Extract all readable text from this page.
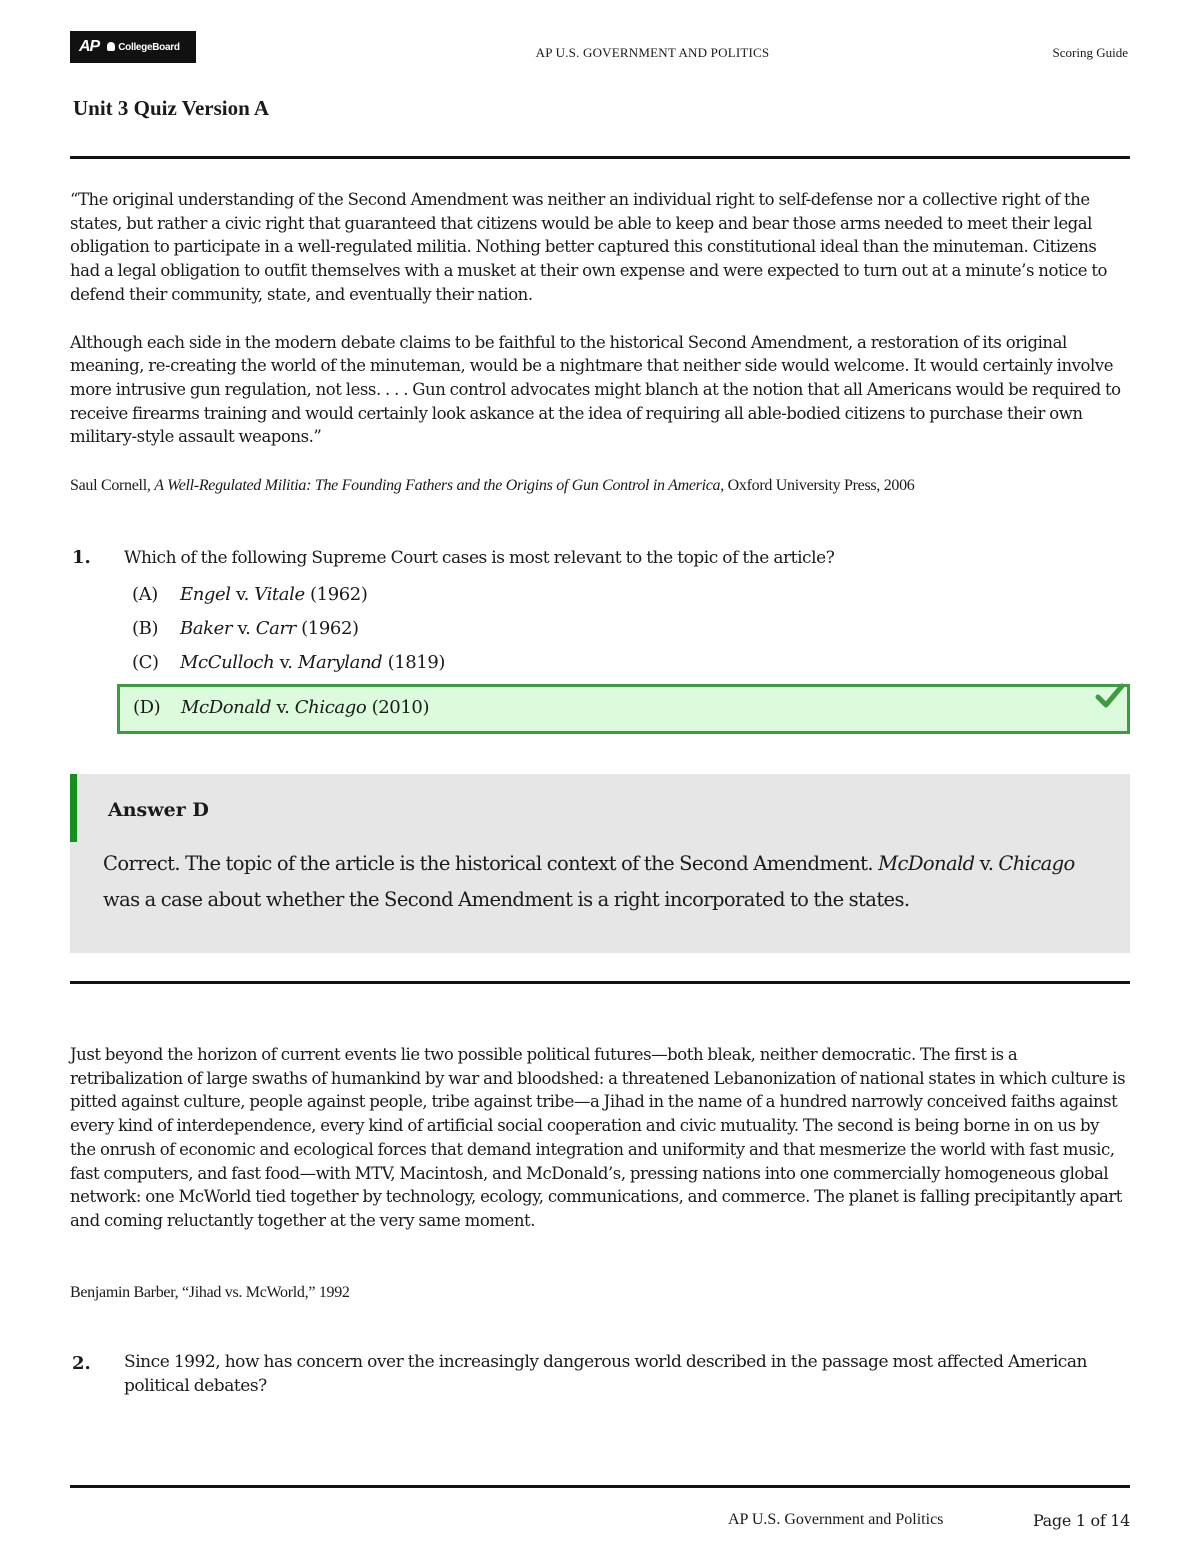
AP	CollegeBoard	AP U.S. GOVERNMENT AND POLITICS	Scoring Guide
Unit 3 Quiz Version A

“The original understanding of the Second Amendment was neither an individual right to self-defense nor a collective right of the states, but rather a civic right that guaranteed that citizens would be able to keep and bear those arms needed to meet their legal obligation to participate in a well-regulated militia. Nothing better captured this constitutional ideal than the minuteman. Citizens had a legal obligation to outfit themselves with a musket at their own expense and were expected to turn out at a minute’s notice to defend their community, state, and eventually their nation.

Although each side in the modern debate claims to be faithful to the historical Second Amendment, a restoration of its original meaning, re-creating the world of the minuteman, would be a nightmare that neither side would welcome. It would certainly involve more intrusive gun regulation, not less. . . . Gun control advocates might blanch at the notion that all Americans would be required to receive firearms training and would certainly look askance at the idea of requiring all able-bodied citizens to purchase their own military-style assault weapons.”

Saul Cornell, A Well-Regulated Militia: The Founding Fathers and the Origins of Gun Control in America, Oxford University Press, 2006
1. Which of the following Supreme Court cases is most relevant to the topic of the article?
(A) Engel v. Vitale (1962)
(B) Baker v. Carr (1962)
(C) McCulloch v. Maryland (1819)
(D) McDonald v. Chicago (2010)
Answer D
Correct. The topic of the article is the historical context of the Second Amendment. McDonald v. Chicago was a case about whether the Second Amendment is a right incorporated to the states.

Just beyond the horizon of current events lie two possible political futures—both bleak, neither democratic. The first is a retribalization of large swaths of humankind by war and bloodshed: a threatened Lebanonization of national states in which culture is pitted against culture, people against people, tribe against tribe—a Jihad in the name of a hundred narrowly conceived faiths against every kind of interdependence, every kind of artificial social cooperation and civic mutuality. The second is being borne in on us by the onrush of economic and ecological forces that demand integration and uniformity and that mesmerize the world with fast music, fast computers, and fast food—with MTV, Macintosh, and McDonald’s, pressing nations into one commercially homogeneous global network: one McWorld tied together by technology, ecology, communications, and commerce. The planet is falling precipitantly apart and coming reluctantly together at the very same moment.

Benjamin Barber, “Jihad vs. McWorld,” 1992
2. Since 1992, how has concern over the increasingly dangerous world described in the passage most affected American political debates?
AP U.S. Government and Politics	Page 1 of 14
